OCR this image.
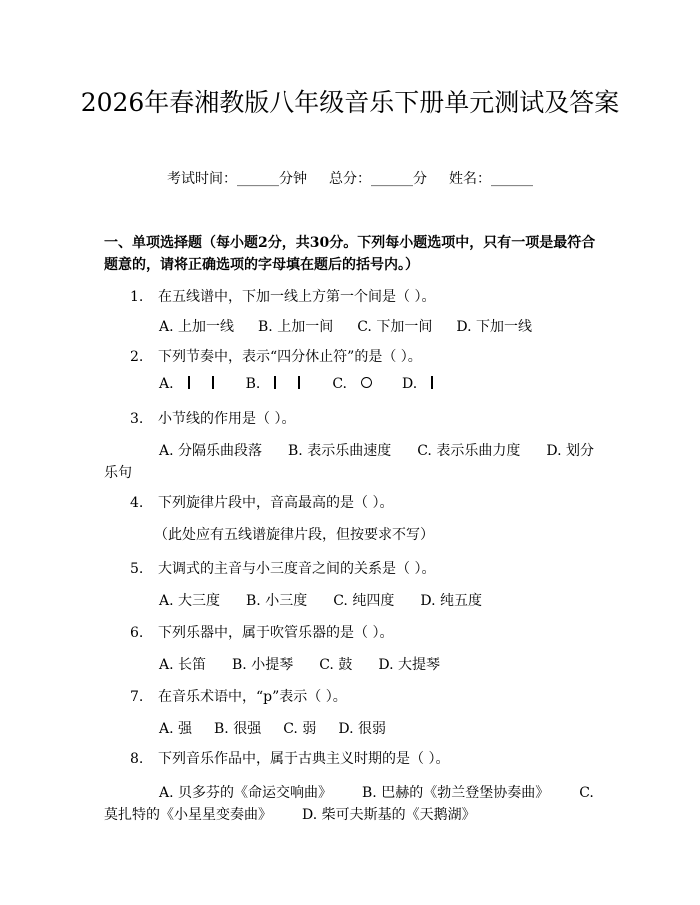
2026年春湘教版八年级音乐下册单元测试及答案
考试时间：______分钟 总分：______分 姓名：______
一、单项选择题（每小题2分，共30分。下列每小题选项中，只有一项是最符合题意的，请将正确选项的字母填在题后的括号内。）
1. 在五线谱中，下加一线上方第一个间是（ ）。
A. 上加一线 B. 上加一间 C. 下加一间 D. 下加一线
2. 下列节奏中，表示“四分休止符”的是（ ）。
A.	B.	C.	D.
3. 小节线的作用是（ ）。
A. 分隔乐曲段落 B. 表示乐曲速度 C. 表示乐曲力度 D. 划分
乐句
4. 下列旋律片段中，音高最高的是（ ）。
（此处应有五线谱旋律片段，但按要求不写）
5. 大调式的主音与小三度音之间的关系是（ ）。
A. 大三度 B. 小三度 C. 纯四度 D. 纯五度
6. 下列乐器中，属于吹管乐器的是（ ）。
A. 长笛 B. 小提琴 C. 鼓 D. 大提琴
7. 在音乐术语中，“p”表示（ ）。
A. 强 B. 很强 C. 弱 D. 很弱
8. 下列音乐作品中，属于古典主义时期的是（ ）。
A. 贝多芬的《命运交响曲》 B. 巴赫的《勃兰登堡协奏曲》 C.
莫扎特的《小星星变奏曲》 D. 柴可夫斯基的《天鹅湖》
